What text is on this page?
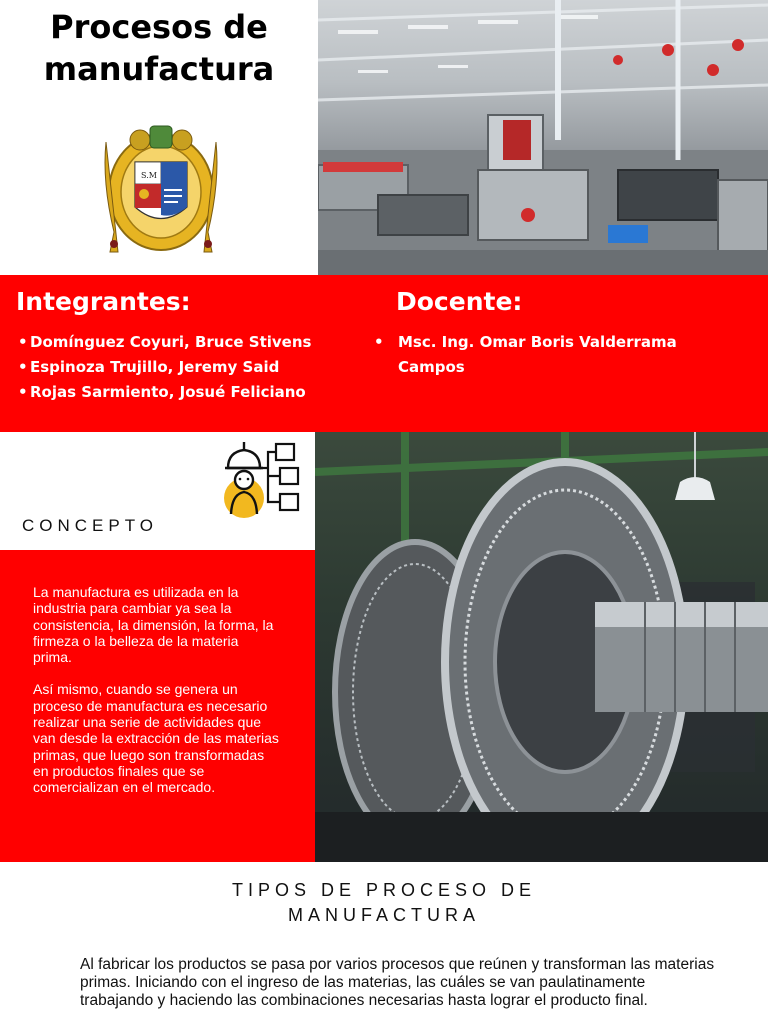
Procesos de
manufactura
S.M
Integrantes:
• Domínguez Coyuri, Bruce Stivens
• Espinoza Trujillo, Jeremy Said
• Rojas Sarmiento, Josué Feliciano
Docente:
• Msc. Ing. Omar Boris Valderrama Campos
CONCEPTO

La manufactura es utilizada en la industria para cambiar ya sea la consistencia, la dimensión, la forma, la firmeza o la belleza de la materia prima.

Así mismo, cuando se genera un proceso de manufactura es necesario realizar una serie de actividades que van desde la extracción de las materias primas, que luego son transformadas en productos finales que se comercializan en el mercado.

TIPOS DE PROCESO DE
MANUFACTURA

Al fabricar los productos se pasa por varios procesos que reúnen y transforman las materias primas. Iniciando con el ingreso de las materias, las cuáles se van paulatinamente trabajando y haciendo las combinaciones necesarias hasta lograr el producto final.
